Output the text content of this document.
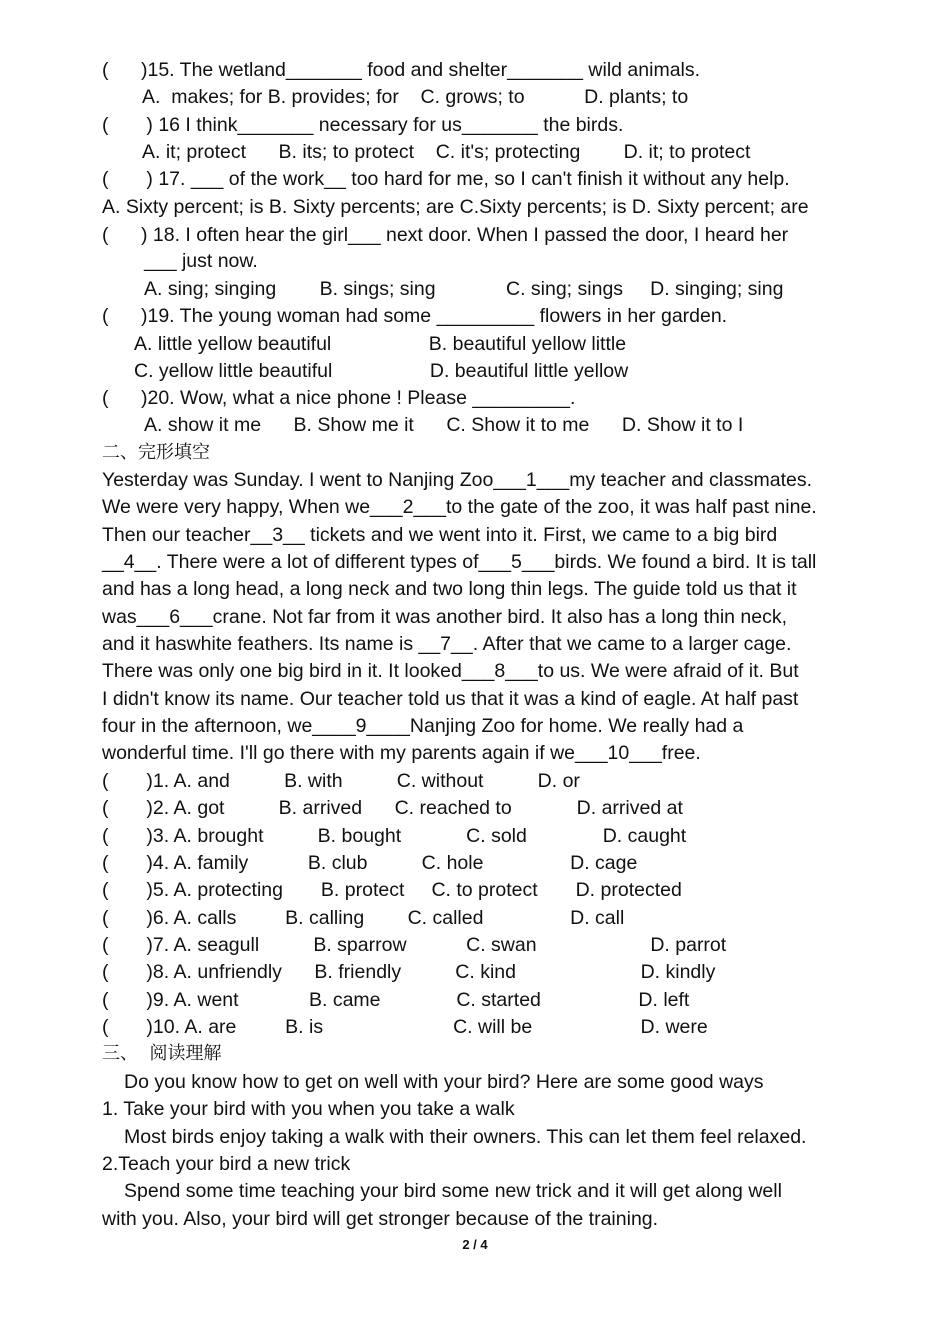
(      )15. The wetland_______ food and shelter_______ wild animals.
A.  makes; for B. provides; for    C. grows; to           D. plants; to
(       ) 16 I think_______ necessary for us_______ the birds.
A. it; protect      B. its; to protect    C. it's; protecting        D. it; to protect
(       ) 17. ___ of the work__ too hard for me, so I can't finish it without any help.
A. Sixty percent; is B. Sixty percents; are C.Sixty percents; is D. Sixty percent; are
(      ) 18. I often hear the girl___ next door. When I passed the door, I heard her
___ just now.
A. sing; singing        B. sings; sing             C. sing; sings     D. singing; sing
(      )19. The young woman had some _________ flowers in her garden.
A. little yellow beautiful                  B. beautiful yellow little
C. yellow little beautiful                  D. beautiful little yellow
(      )20. Wow, what a nice phone ! Please _________.
A. show it me      B. Show me it      C. Show it to me      D. Show it to I
二、完形填空
Yesterday was Sunday. I went to Nanjing Zoo___1___my teacher and classmates.
We were very happy, When we___2___to the gate of the zoo, it was half past nine.
Then our teacher__3__ tickets and we went into it. First, we came to a big bird
__4__. There were a lot of different types of___5___birds. We found a bird. It is tall
and has a long head, a long neck and two long thin legs. The guide told us that it
was___6___crane. Not far from it was another bird. It also has a long thin neck,
and it haswhite feathers. Its name is __7__. After that we came to a larger cage.
There was only one big bird in it. It looked___8___to us. We were afraid of it. But
I didn't know its name. Our teacher told us that it was a kind of eagle. At half past
four in the afternoon, we____9____Nanjing Zoo for home. We really had a
wonderful time. I'll go there with my parents again if we___10___free.
(       )1. A. and          B. with          C. without          D. or
(       )2. A. got          B. arrived      C. reached to            D. arrived at
(       )3. A. brought          B. bought            C. sold              D. caught
(       )4. A. family           B. club          C. hole                D. cage
(       )5. A. protecting       B. protect     C. to protect       D. protected
(       )6. A. calls         B. calling        C. called                D. call
(       )7. A. seagull          B. sparrow           C. swan                     D. parrot
(       )8. A. unfriendly      B. friendly          C. kind                       D. kindly
(       )9. A. went             B. came              C. started                  D. left
(       )10. A. are         B. is                        C. will be                    D. were
三、  阅读理解
Do you know how to get on well with your bird? Here are some good ways
1. Take your bird with you when you take a walk
Most birds enjoy taking a walk with their owners. This can let them feel relaxed.
2.Teach your bird a new trick
Spend some time teaching your bird some new trick and it will get along well
with you. Also, your bird will get stronger because of the training.
2 / 4
